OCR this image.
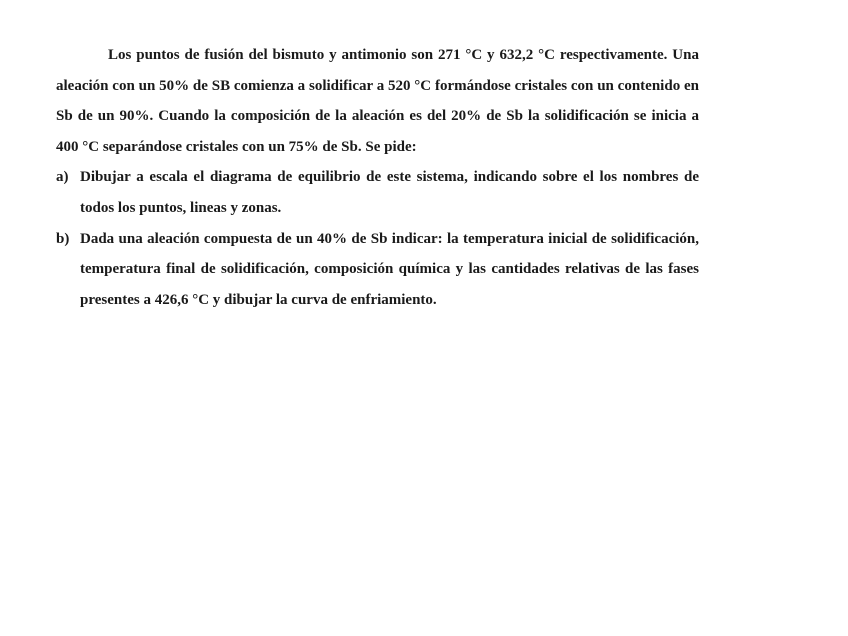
Los puntos de fusión del bismuto y antimonio son 271 °C y 632,2 °C respectivamente. Una aleación con un 50% de SB comienza a solidificar a 520 °C formándose cristales con un contenido en Sb de un 90%. Cuando la composición de la aleación es del 20% de Sb la solidificación se inicia a 400 °C separándose cristales con un 75% de Sb. Se pide:

a) Dibujar a escala el diagrama de equilibrio de este sistema, indicando sobre el los nombres de todos los puntos, lineas y zonas.
b) Dada una aleación compuesta de un 40% de Sb indicar: la temperatura inicial de solidificación, temperatura final de solidificación, composición química y las cantidades relativas de las fases presentes a 426,6 °C y dibujar la curva de enfriamiento.
